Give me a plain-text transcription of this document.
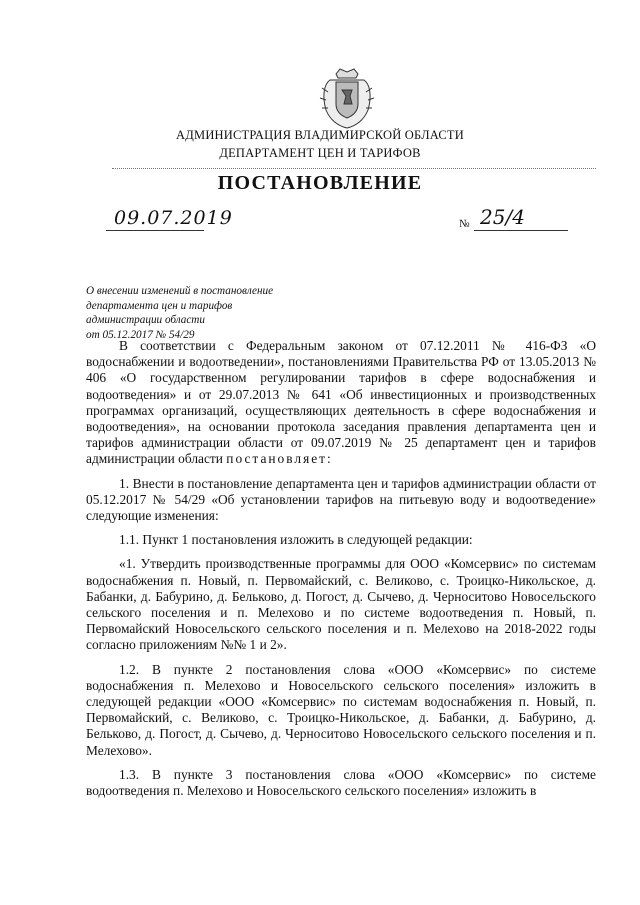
АДМИНИСТРАЦИЯ ВЛАДИМИРСКОЙ ОБЛАСТИ
ДЕПАРТАМЕНТ ЦЕН И ТАРИФОВ
ПОСТАНОВЛЕНИЕ
09.07.2019	№ 25/4
О внесении изменений в постановление
департамента цен и тарифов
администрации области
от 05.12.2017 № 54/29

В соответствии с Федеральным законом от 07.12.2011 № 416-ФЗ «О водоснабжении и водоотведении», постановлениями Правительства РФ от 13.05.2013 № 406 «О государственном регулировании тарифов в сфере водоснабжения и водоотведения» и от 29.07.2013 № 641 «Об инвестиционных и производственных программах организаций, осуществляющих деятельность в сфере водоснабжения и водоотведения», на основании протокола заседания правления департамента цен и тарифов администрации области от 09.07.2019 № 25 департамент цен и тарифов администрации области постановляет:

1. Внести в постановление департамента цен и тарифов администрации области от 05.12.2017 № 54/29 «Об установлении тарифов на питьевую воду и водоотведение» следующие изменения:

1.1. Пункт 1 постановления изложить в следующей редакции:

«1. Утвердить производственные программы для ООО «Комсервис» по системам водоснабжения п. Новый, п. Первомайский, с. Великово, с. Троицко-Никольское, д. Бабанки, д. Бабурино, д. Бельково, д. Погост, д. Сычево, д. Черноситово Новосельского сельского поселения и п. Мелехово и по системе водоотведения п. Новый, п. Первомайский Новосельского сельского поселения и п. Мелехово на 2018-2022 годы согласно приложениям №№ 1 и 2».

1.2. В пункте 2 постановления слова «ООО «Комсервис» по системе водоснабжения п. Мелехово и Новосельского сельского поселения» изложить в следующей редакции «ООО «Комсервис» по системам водоснабжения п. Новый, п. Первомайский, с. Великово, с. Троицко-Никольское, д. Бабанки, д. Бабурино, д. Бельково, д. Погост, д. Сычево, д. Черноситово Новосельского сельского поселения и п. Мелехово».

1.3. В пункте 3 постановления слова «ООО «Комсервис» по системе водоотведения п. Мелехово и Новосельского сельского поселения» изложить в
